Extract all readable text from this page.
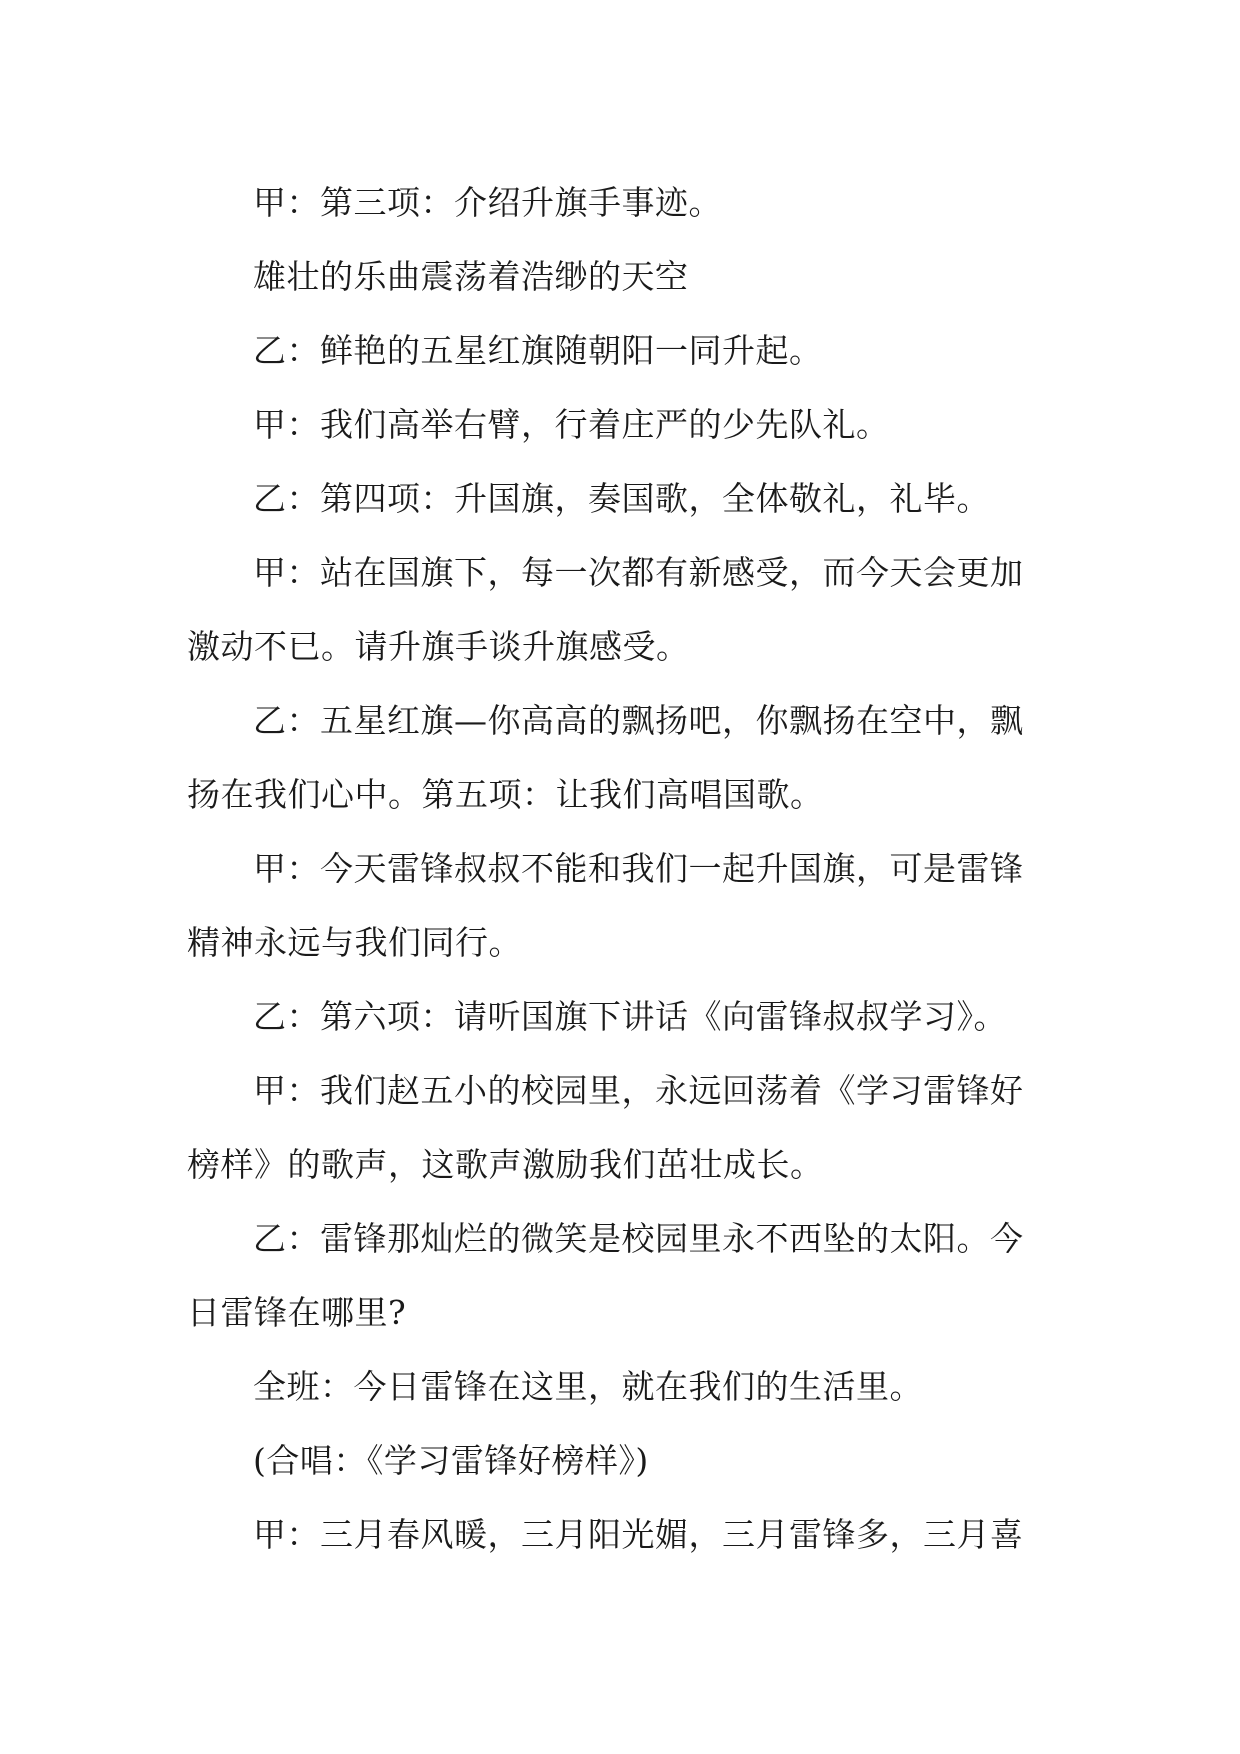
甲：第三项：介绍升旗手事迹。

雄壮的乐曲震荡着浩缈的天空

乙：鲜艳的五星红旗随朝阳一同升起。

甲：我们高举右臂，行着庄严的少先队礼。

乙：第四项：升国旗，奏国歌，全体敬礼，礼毕。

甲：站在国旗下，每一次都有新感受，而今天会更加
激动不已。请升旗手谈升旗感受。

乙：五星红旗—你高高的飘扬吧，你飘扬在空中，飘
扬在我们心中。第五项：让我们高唱国歌。

甲：今天雷锋叔叔不能和我们一起升国旗，可是雷锋
精神永远与我们同行。

乙：第六项：请听国旗下讲话《向雷锋叔叔学习》。

甲：我们赵五小的校园里，永远回荡着《学习雷锋好
榜样》的歌声，这歌声激励我们茁壮成长。

乙：雷锋那灿烂的微笑是校园里永不西坠的太阳。今
日雷锋在哪里?

全班：今日雷锋在这里，就在我们的生活里。

(合唱：《学习雷锋好榜样》)

甲：三月春风暖，三月阳光媚，三月雷锋多，三月喜
